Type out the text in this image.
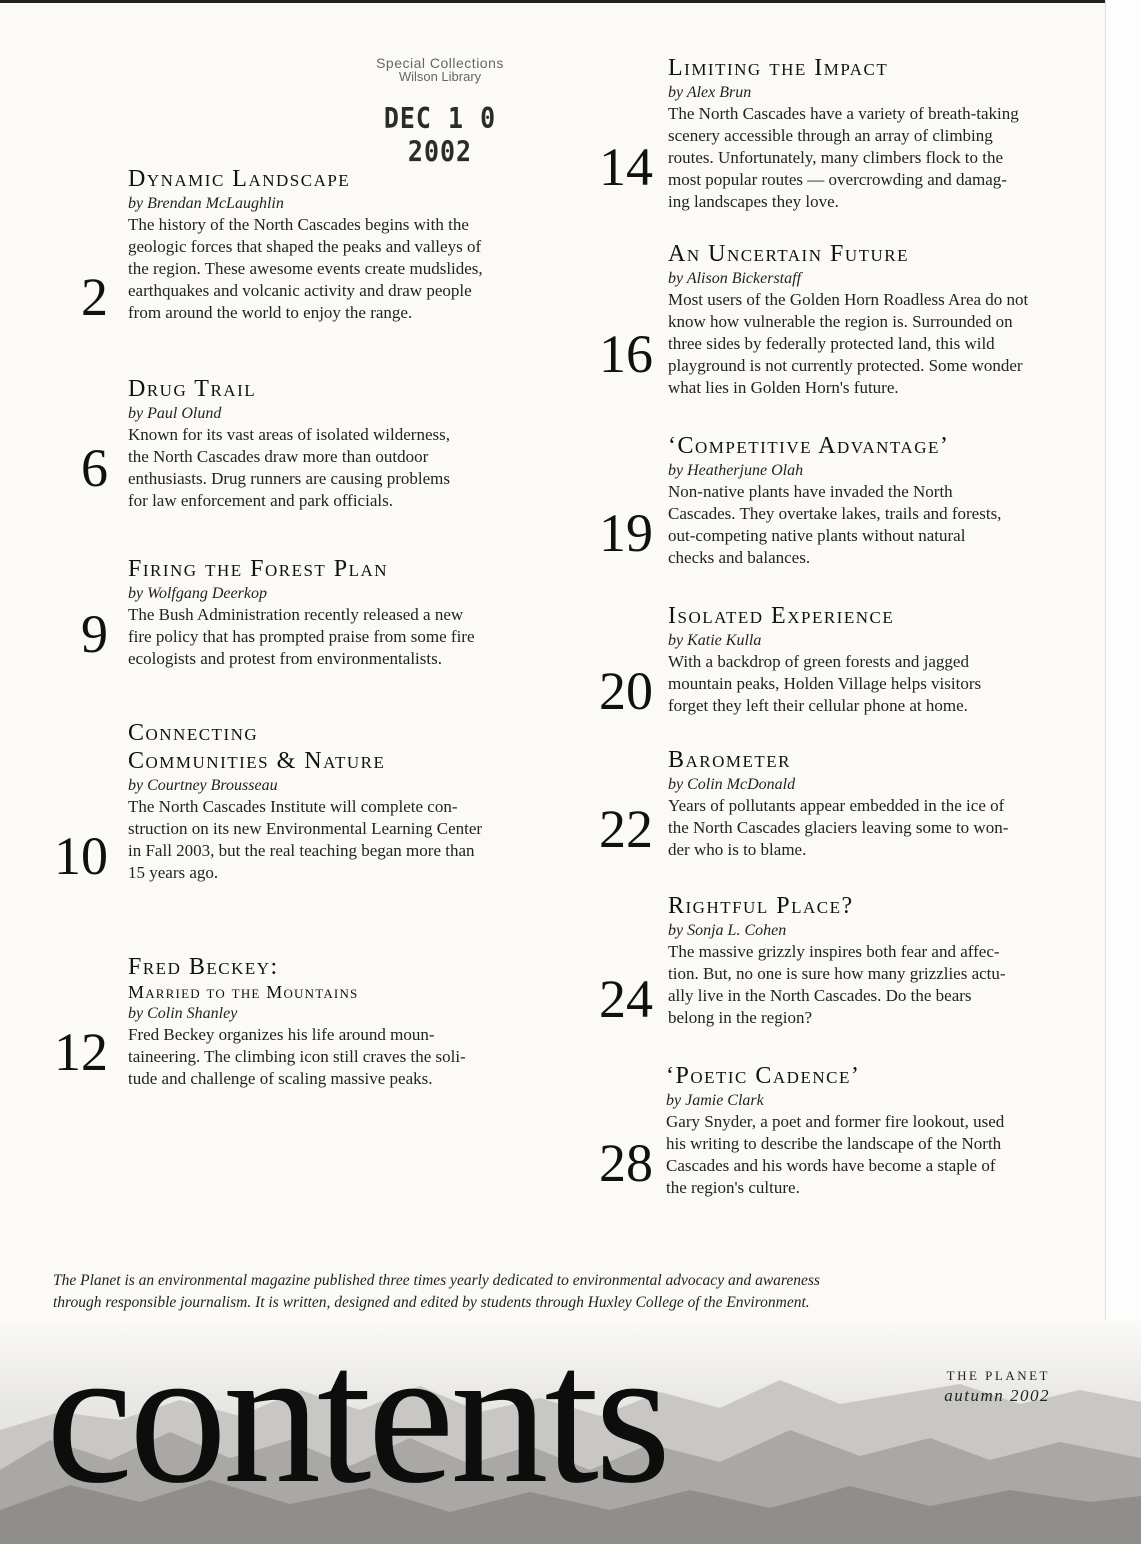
Special Collections
Wilson Library
DEC 1 0 2002
2
Dynamic Landscape
by Brendan McLaughlin
The history of the North Cascades begins with the
geologic forces that shaped the peaks and valleys of
the region. These awesome events create mudslides,
earthquakes and volcanic activity and draw people
from around the world to enjoy the range.
6
Drug Trail
by Paul Olund
Known for its vast areas of isolated wilderness,
the North Cascades draw more than outdoor
enthusiasts. Drug runners are causing problems
for law enforcement and park officials.
9
Firing the Forest Plan
by Wolfgang Deerkop
The Bush Administration recently released a new
fire policy that has prompted praise from some fire
ecologists and protest from environmentalists.
10
Connecting
Communities & Nature
by Courtney Brousseau
The North Cascades Institute will complete con-
struction on its new Environmental Learning Center
in Fall 2003, but the real teaching began more than
15 years ago.
12
Fred Beckey:
Married to the Mountains
by Colin Shanley
Fred Beckey organizes his life around moun-
taineering. The climbing icon still craves the soli-
tude and challenge of scaling massive peaks.
14
Limiting the Impact
by Alex Brun
The North Cascades have a variety of breath-taking
scenery accessible through an array of climbing
routes. Unfortunately, many climbers flock to the
most popular routes — overcrowding and damag-
ing landscapes they love.
16
An Uncertain Future
by Alison Bickerstaff
Most users of the Golden Horn Roadless Area do not
know how vulnerable the region is. Surrounded on
three sides by federally protected land, this wild
playground is not currently protected. Some wonder
what lies in Golden Horn's future.
19
‘Competitive Advantage’
by Heatherjune Olah
Non-native plants have invaded the North
Cascades. They overtake lakes, trails and forests,
out-competing native plants without natural
checks and balances.
20
Isolated Experience
by Katie Kulla
With a backdrop of green forests and jagged
mountain peaks, Holden Village helps visitors
forget they left their cellular phone at home.
22
Barometer
by Colin McDonald
Years of pollutants appear embedded in the ice of
the North Cascades glaciers leaving some to won-
der who is to blame.
24
Rightful Place?
by Sonja L. Cohen
The massive grizzly inspires both fear and affec-
tion. But, no one is sure how many grizzlies actu-
ally live in the North Cascades. Do the bears
belong in the region?
28
‘Poetic Cadence’
by Jamie Clark
Gary Snyder, a poet and former fire lookout, used
his writing to describe the landscape of the North
Cascades and his words have become a staple of
the region's culture.
The Planet is an environmental magazine published three times yearly dedicated to environmental advocacy and awareness
through responsible journalism. It is written, designed and edited by students through Huxley College of the Environment.
contents	THE PLANET
autumn 2002
